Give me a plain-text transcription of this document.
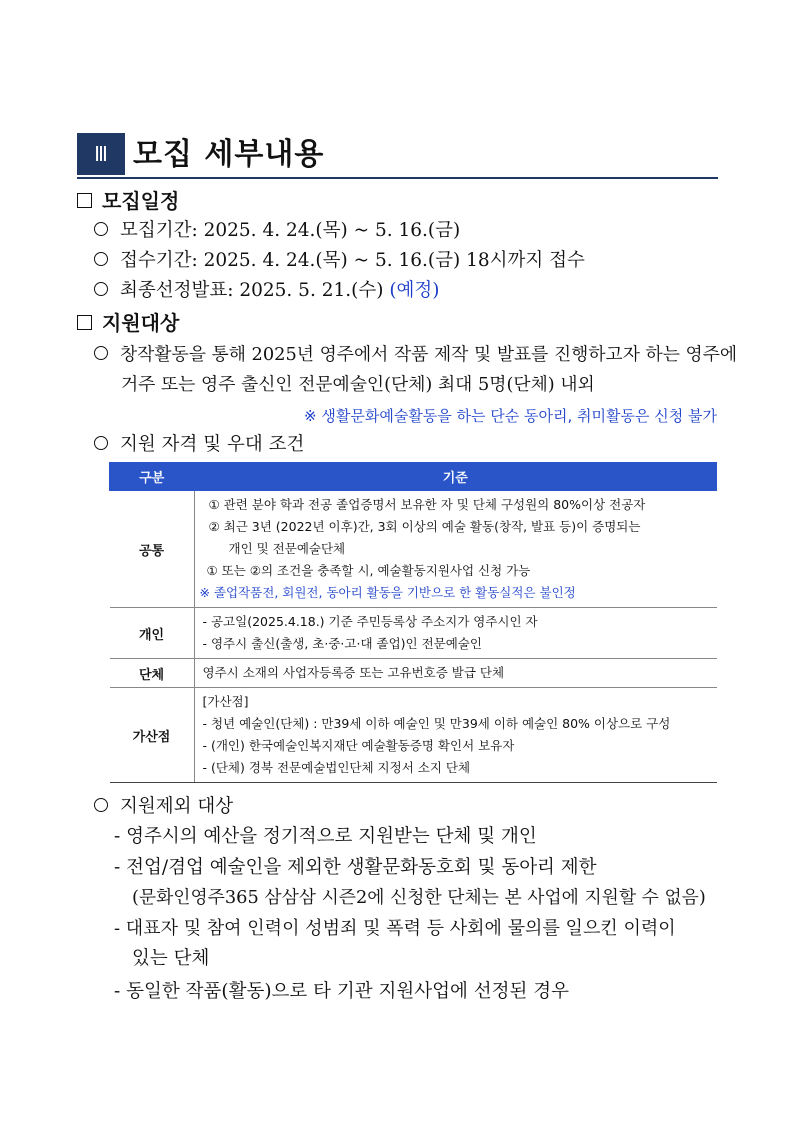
Ⅲ 모집 세부내용
모집일정
모집기간: 2025. 4. 24.(목) ~ 5. 16.(금)
접수기간: 2025. 4. 24.(목) ~ 5. 16.(금) 18시까지 접수
최종선정발표: 2025. 5. 21.(수) (예정)
지원대상
창작활동을 통해 2025년 영주에서 작품 제작 및 발표를 진행하고자 하는 영주에
거주 또는 영주 출신인 전문예술인(단체) 최대 5명(단체) 내외
※ 생활문화예술활동을 하는 단순 동아리, 취미활동은 신청 불가
지원 자격 및 우대 조건
구분	기준
공통	① 관련 분야 학과 전공 졸업증명서 보유한 자 및 단체 구성원의 80%이상 전공자
② 최근 3년 (2022년 이후)간, 3회 이상의 예술 활동(창작, 발표 등)이 증명되는
개인 및 전문예술단체
① 또는 ②의 조건을 충족할 시, 예술활동지원사업 신청 가능
※ 졸업작품전, 회원전, 동아리 활동을 기반으로 한 활동실적은 불인정

개인	- 공고일(2025.4.18.) 기준 주민등록상 주소지가 영주시인 자
- 영주시 출신(출생, 초·중·고·대 졸업)인 전문예술인

단체	영주시 소재의 사업자등록증 또는 고유번호증 발급 단체

가산점	[가산점]
- 청년 예술인(단체) : 만39세 이하 예술인 및 만39세 이하 예술인 80% 이상으로 구성
- (개인) 한국예술인복지재단 예술활동증명 확인서 보유자
- (단체) 경북 전문예술법인단체 지정서 소지 단체
지원제외 대상
- 영주시의 예산을 정기적으로 지원받는 단체 및 개인
- 전업/겸업 예술인을 제외한 생활문화동호회 및 동아리 제한
(문화인영주365 삼삼삼 시즌2에 신청한 단체는 본 사업에 지원할 수 없음)
- 대표자 및 참여 인력이 성범죄 및 폭력 등 사회에 물의를 일으킨 이력이
있는 단체
- 동일한 작품(활동)으로 타 기관 지원사업에 선정된 경우
